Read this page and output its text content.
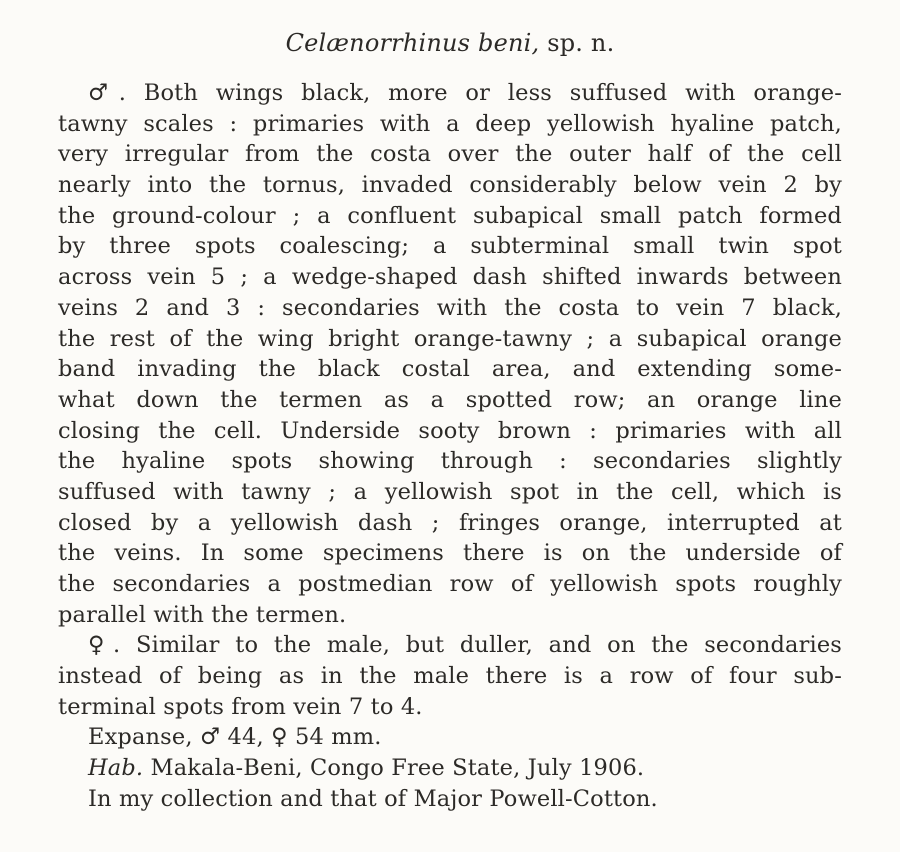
Celænorrhinus beni, sp. n.
♂. Both wings black, more or less suffused with orange-
tawny scales : primaries with a deep yellowish hyaline patch,
very irregular from the costa over the outer half of the cell
nearly into the tornus, invaded considerably below vein 2 by
the ground-colour ; a confluent subapical small patch formed
by three spots coalescing; a subterminal small twin spot
across vein 5 ; a wedge-shaped dash shifted inwards between
veins 2 and 3 : secondaries with the costa to vein 7 black,
the rest of the wing bright orange-tawny ; a subapical orange
band invading the black costal area, and extending some-
what down the termen as a spotted row; an orange line
closing the cell. Underside sooty brown : primaries with all
the hyaline spots showing through : secondaries slightly
suffused with tawny ; a yellowish spot in the cell, which is
closed by a yellowish dash ; fringes orange, interrupted at
the veins. In some specimens there is on the underside of
the secondaries a postmedian row of yellowish spots roughly
parallel with the termen.
♀. Similar to the male, but duller, and on the secondaries
instead of being as in the male there is a row of four sub-
terminal spots from vein 7 to 4.
Expanse, ♂ 44, ♀ 54 mm.
Hab. Makala-Beni, Congo Free State, July 1906.
In my collection and that of Major Powell-Cotton.
